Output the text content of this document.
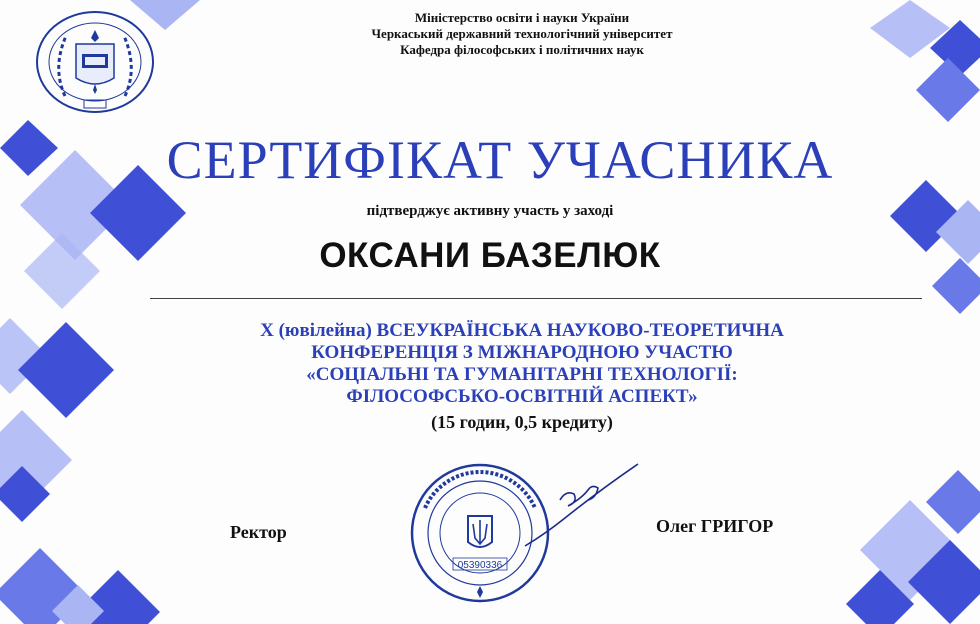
Міністерство освіти і науки України
Черкаський державний технологічний університет
Кафедра філософських і політичних наук
СЕРТИФІКАТ УЧАСНИКА
підтверджує активну участь у заході
ОКСАНИ БАЗЕЛЮК
X (ювілейна) ВСЕУКРАЇНСЬКА НАУКОВО-ТЕОРЕТИЧНА
КОНФЕРЕНЦІЯ З МІЖНАРОДНОЮ УЧАСТЮ
«СОЦІАЛЬНІ ТА ГУМАНІТАРНІ ТЕХНОЛОГІЇ:
ФІЛОСОФСЬКО-ОСВІТНІЙ АСПЕКТ»
(15 годин, 0,5 кредиту)
Ректор	Олег ГРИГОР
05390336
